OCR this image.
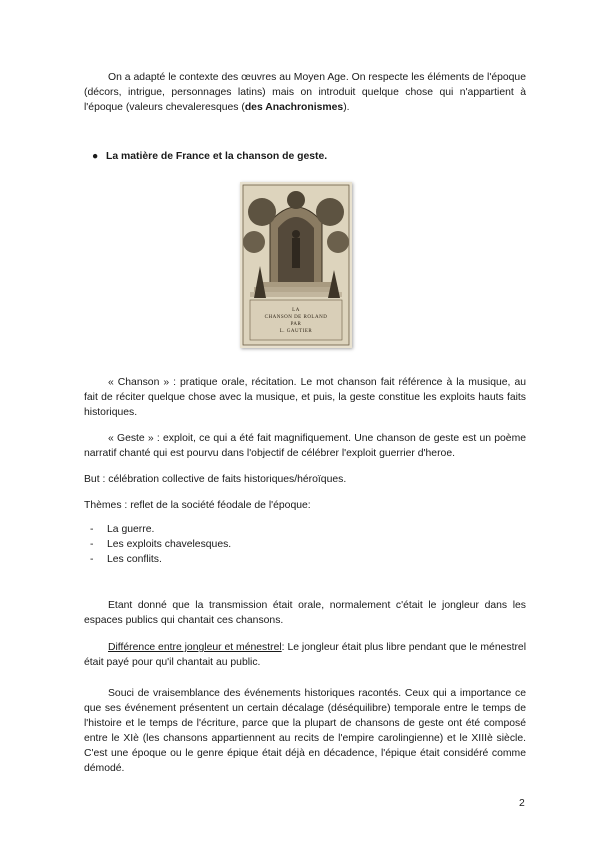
On a adapté le contexte des œuvres au Moyen Age. On respecte les éléments de l'époque (décors, intrigue, personnages latins) mais on introduit quelque chose qui n'appartient à l'époque (valeurs chevaleresques (des Anachronismes).

● La matière de France et la chanson de geste.
LA
CHANSON DE ROLAND
PAR
L. GAUTIER

« Chanson » : pratique orale, récitation. Le mot chanson fait référence à la musique, au fait de réciter quelque chose avec la musique, et puis, la geste constitue les exploits hauts faits historiques.

« Geste » : exploit, ce qui a été fait magnifiquement. Une chanson de geste est un poème narratif chanté qui est pourvu dans l'objectif de célébrer l'exploit guerrier d'heroe.

But : célébration collective de faits historiques/héroïques.

Thèmes : reflet de la société féodale de l'époque:

- La guerre.
- Les exploits chavelesques.
- Les conflits.

Etant donné que la transmission était orale, normalement c'était le jongleur dans les espaces publics qui chantait ces chansons.

Différence entre jongleur et ménestrel: Le jongleur était plus libre pendant que le ménestrel était payé pour qu'il chantait au public.

Souci de vraisemblance des événements historiques racontés. Ceux qui a importance ce que ses événement présentent un certain décalage (déséquilibre) temporale entre le temps de l'histoire et le temps de l'écriture, parce que la plupart de chansons de geste ont été composé entre le XIè (les chansons appartiennent au recits de l'empire carolingienne) et le XIIIè siècle. C'est une époque ou le genre épique était déjà en décadence, l'épique était considéré comme démodé.

2
